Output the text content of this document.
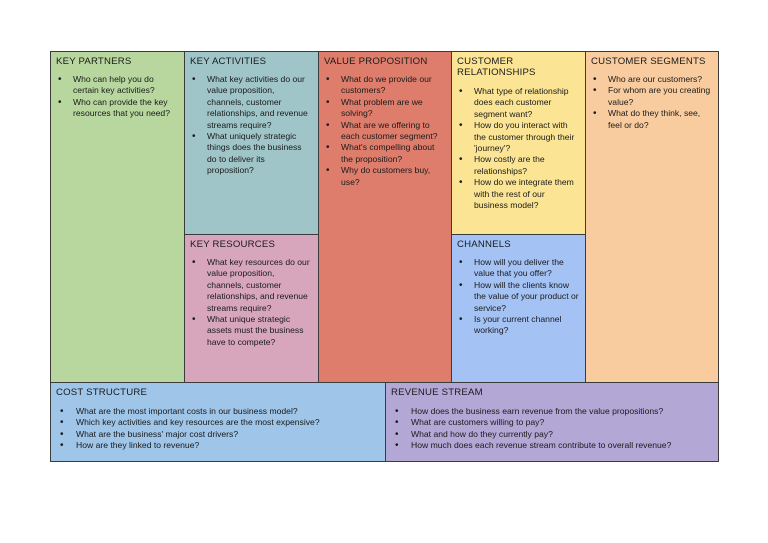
KEY PARTNERS
• Who can help you do certain key activities?
• Who can provide the key resources that you need?
KEY ACTIVITIES
• What key activities do our value proposition, channels, customer relationships, and revenue streams require?
• What uniquely strategic things does the business do to deliver its proposition?
KEY RESOURCES
• What key resources do our value proposition, channels, customer relationships, and revenue streams require?
• What unique strategic assets must the business have to compete?
VALUE PROPOSITION
• What do we provide our customers?
• What problem are we solving?
• What are we offering to each customer segment?
• What's compelling about the proposition?
• Why do customers buy, use?
CUSTOMER
RELATIONSHIPS
• What type of relationship does each customer segment want?
• How do you interact with the customer through their 'journey'?
• How costly are the relationships?
• How do we integrate them with the rest of our business model?
CHANNELS
• How will you deliver the value that you offer?
• How will the clients know the value of your product or service?
• Is your current channel working?
CUSTOMER SEGMENTS
• Who are our customers?
• For whom are you creating value?
• What do they think, see, feel or do?
COST STRUCTURE
• What are the most important costs in our business model?
• Which key activities and key resources are the most expensive?
• What are the business' major cost drivers?
• How are they linked to revenue?
REVENUE STREAM
• How does the business earn revenue from the value propositions?
• What are customers willing to pay?
• What and how do they currently pay?
• How much does each revenue stream contribute to overall revenue?
